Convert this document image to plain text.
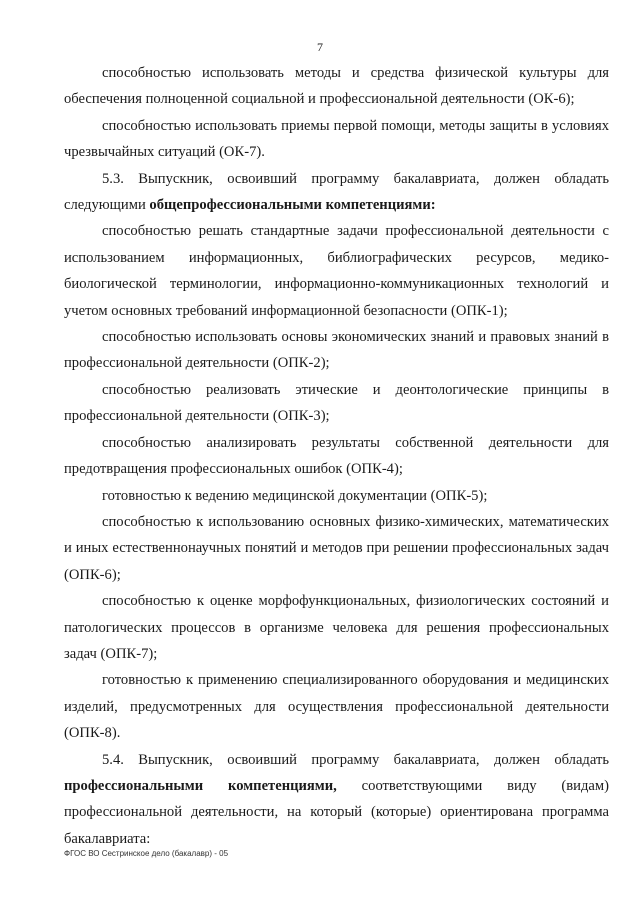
7

способностью использовать методы и средства физической культуры для обеспечения полноценной социальной и профессиональной деятельности (ОК-6);

способностью использовать приемы первой помощи, методы защиты в условиях чрезвычайных ситуаций (ОК-7).

5.3. Выпускник, освоивший программу бакалавриата, должен обладать следующими общепрофессиональными компетенциями:

способностью решать стандартные задачи профессиональной деятельности с использованием информационных, библиографических ресурсов, медико-биологической терминологии, информационно-коммуникационных технологий и учетом основных требований информационной безопасности (ОПК-1);

способностью использовать основы экономических знаний и правовых знаний в профессиональной деятельности (ОПК-2);

способностью реализовать этические и деонтологические принципы в профессиональной деятельности (ОПК-3);

способностью анализировать результаты собственной деятельности для предотвращения профессиональных ошибок (ОПК-4);

готовностью к ведению медицинской документации (ОПК-5);

способностью к использованию основных физико-химических, математических и иных естественнонаучных понятий и методов при решении профессиональных задач (ОПК-6);

способностью к оценке морфофункциональных, физиологических состояний и патологических процессов в организме человека для решения профессиональных задач (ОПК-7);

готовностью к применению специализированного оборудования и медицинских изделий, предусмотренных для осуществления профессиональной деятельности (ОПК-8).

5.4. Выпускник, освоивший программу бакалавриата, должен обладать профессиональными компетенциями, соответствующими виду (видам) профессиональной деятельности, на который (которые) ориентирована программа бакалавриата:

ФГОС ВО Сестринское дело (бакалавр) - 05
